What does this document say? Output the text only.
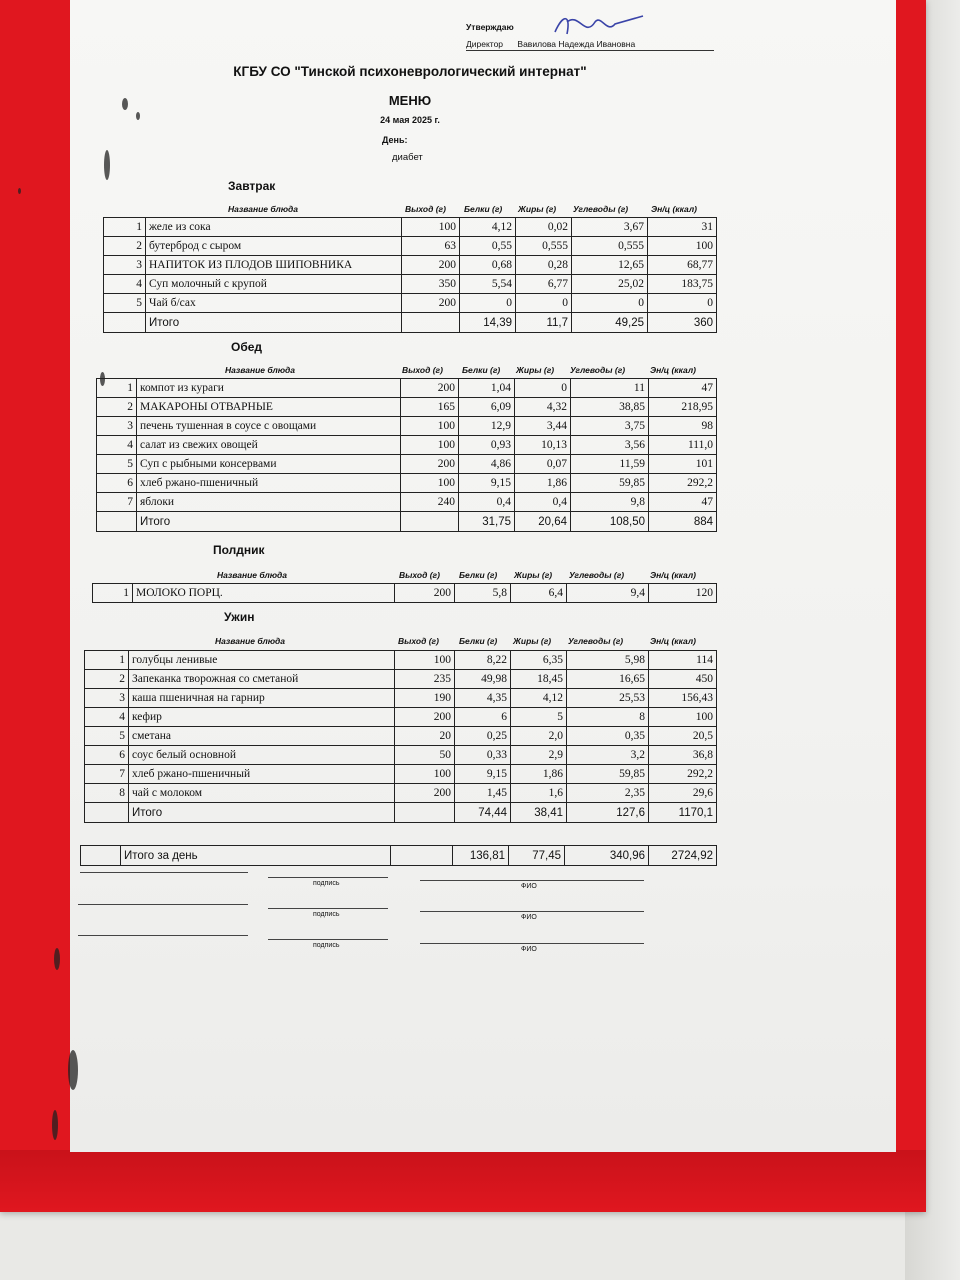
Утверждаю
Директор Вавилова Надежда Ивановна
КГБУ СО "Тинской психоневрологический интернат"
МЕНЮ
24 мая 2025 г.
День:
диабет
Завтрак
Название блюда	Выход (г) Белки (г) Жиры (г) Углеводы (г)	Эн/ц (ккал)
1	желе из сока	100	4,12	0,02	3,67	31
2	бутерброд с сыром	63	0,55	0,555	0,555	100
3	НАПИТОК ИЗ ПЛОДОВ ШИПОВНИКА	200	0,68	0,28	12,65	68,77
4	Суп молочный с крупой	350	5,54	6,77	25,02	183,75
5	Чай б/сах	200	0	0	0	0
	Итого		14,39	11,7	49,25	360
Обед
Название блюда	Выход (г) Белки (г) Жиры (г) Углеводы (г)	Эн/ц (ккал)
1	компот из кураги	200	1,04	0	11	47
2	МАКАРОНЫ ОТВАРНЫЕ	165	6,09	4,32	38,85	218,95
3	печень тушенная в соусе с овощами	100	12,9	3,44	3,75	98
4	салат из свежих овощей	100	0,93	10,13	3,56	111,0
5	Суп с рыбными консервами	200	4,86	0,07	11,59	101
6	хлеб ржано-пшеничный	100	9,15	1,86	59,85	292,2
7	яблоки	240	0,4	0,4	9,8	47
	Итого		31,75	20,64	108,50	884
Полдник
Название блюда	Выход (г) Белки (г) Жиры (г) Углеводы (г)	Эн/ц (ккал)
1	МОЛОКО ПОРЦ.	200	5,8	6,4	9,4	120
Ужин
Название блюда	Выход (г) Белки (г) Жиры (г) Углеводы (г)	Эн/ц (ккал)
1	голубцы ленивые	100	8,22	6,35	5,98	114
2	Запеканка творожная со сметаной	235	49,98	18,45	16,65	450
3	каша пшеничная на гарнир	190	4,35	4,12	25,53	156,43
4	кефир	200	6	5	8	100
5	сметана	20	0,25	2,0	0,35	20,5
6	соус белый основной	50	0,33	2,9	3,2	36,8
7	хлеб ржано-пшеничный	100	9,15	1,86	59,85	292,2
8	чай с молоком	200	1,45	1,6	2,35	29,6
	Итого		74,44	38,41	127,6	1170,1
	Итого за день		136,81	77,45	340,96	2724,92
подпись	ФИО
подпись	ФИО
подпись
ФИО
